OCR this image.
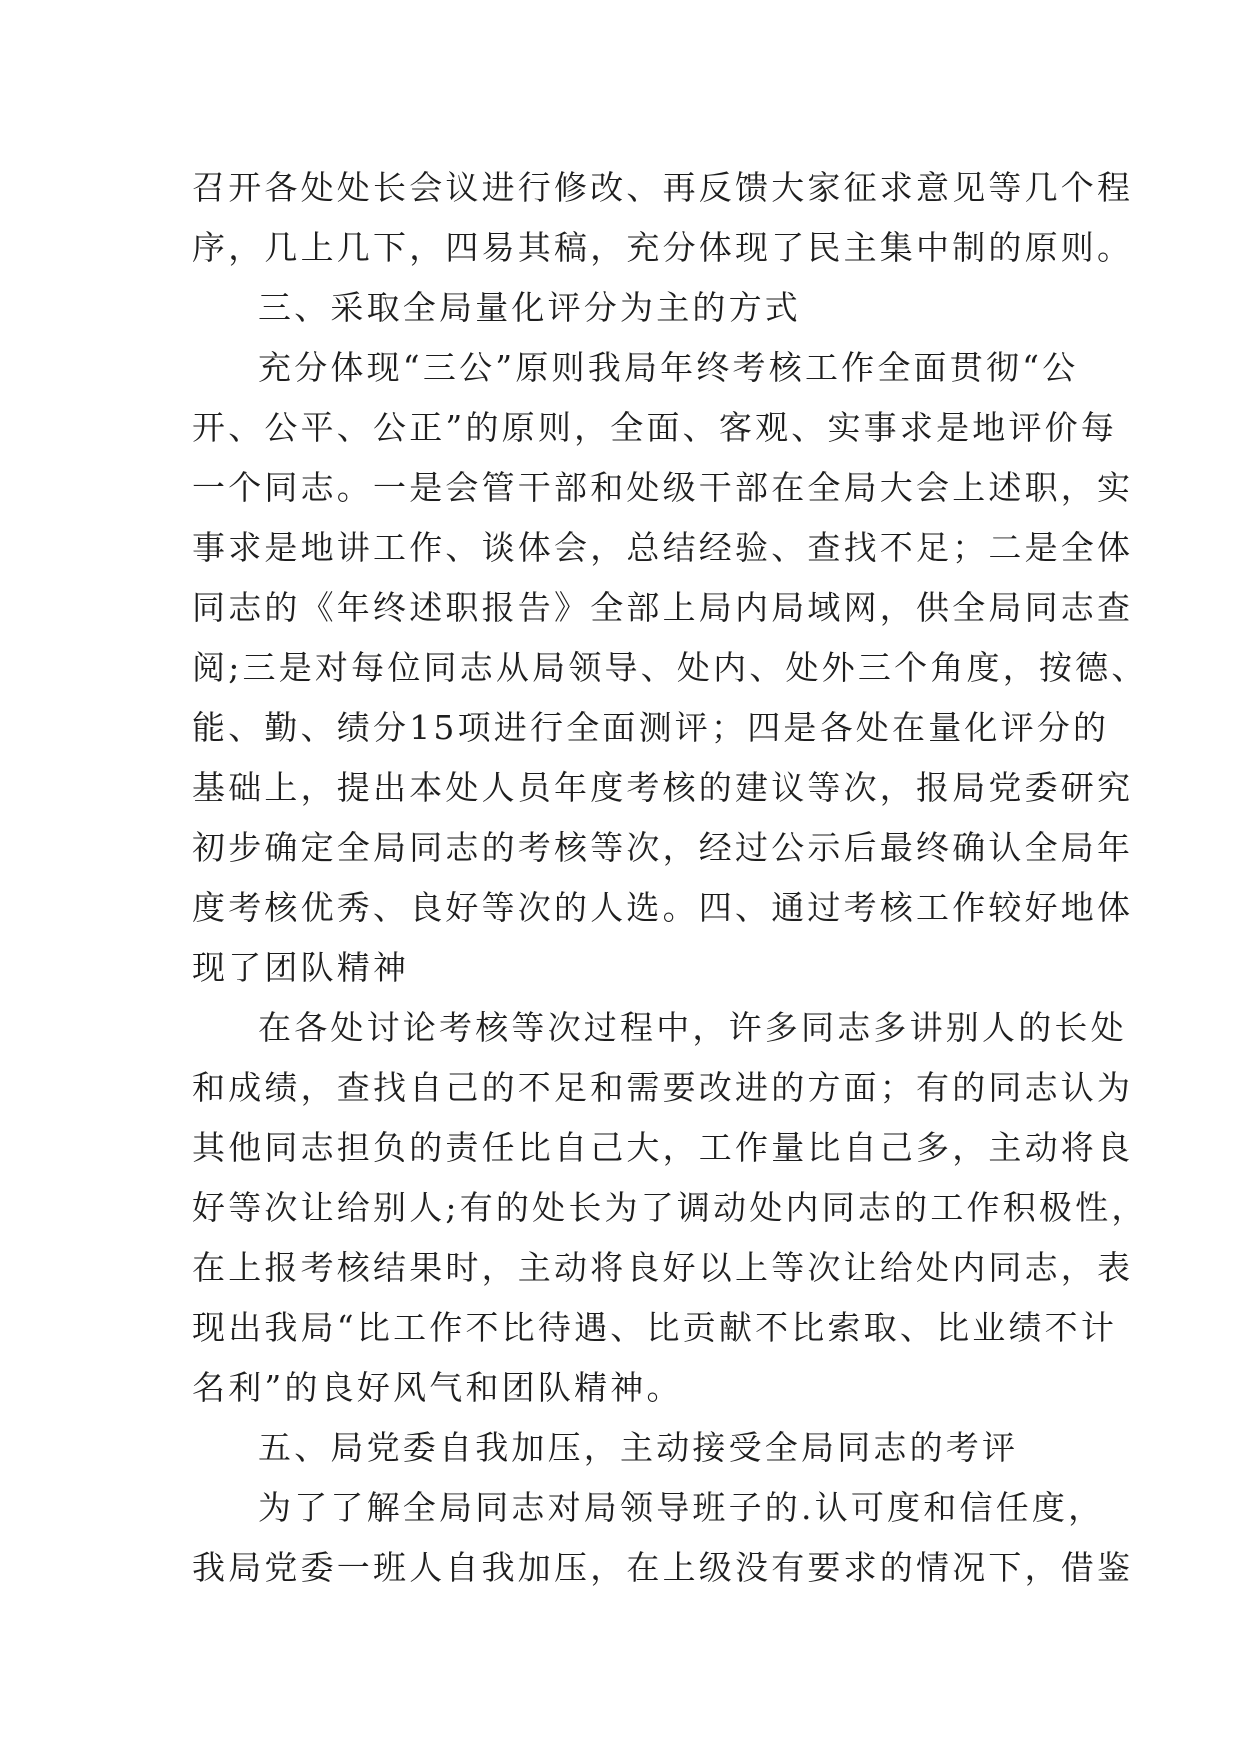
召开各处处长会议进行修改、再反馈大家征求意见等几个程
序，几上几下，四易其稿，充分体现了民主集中制的原则。
三、采取全局量化评分为主的方式
充分体现“三公”原则我局年终考核工作全面贯彻“公
开、公平、公正”的原则，全面、客观、实事求是地评价每
一个同志。一是会管干部和处级干部在全局大会上述职，实
事求是地讲工作、谈体会，总结经验、查找不足；二是全体
同志的《年终述职报告》全部上局内局域网，供全局同志查
阅;三是对每位同志从局领导、处内、处外三个角度，按德、
能、勤、绩分15项进行全面测评；四是各处在量化评分的
基础上，提出本处人员年度考核的建议等次，报局党委研究
初步确定全局同志的考核等次，经过公示后最终确认全局年
度考核优秀、良好等次的人选。四、通过考核工作较好地体
现了团队精神
在各处讨论考核等次过程中，许多同志多讲别人的长处
和成绩，查找自己的不足和需要改进的方面；有的同志认为
其他同志担负的责任比自己大，工作量比自己多，主动将良
好等次让给别人;有的处长为了调动处内同志的工作积极性，
在上报考核结果时，主动将良好以上等次让给处内同志，表
现出我局“比工作不比待遇、比贡献不比索取、比业绩不计
名利”的良好风气和团队精神。
五、局党委自我加压，主动接受全局同志的考评
为了了解全局同志对局领导班子的.认可度和信任度，
我局党委一班人自我加压，在上级没有要求的情况下，借鉴
